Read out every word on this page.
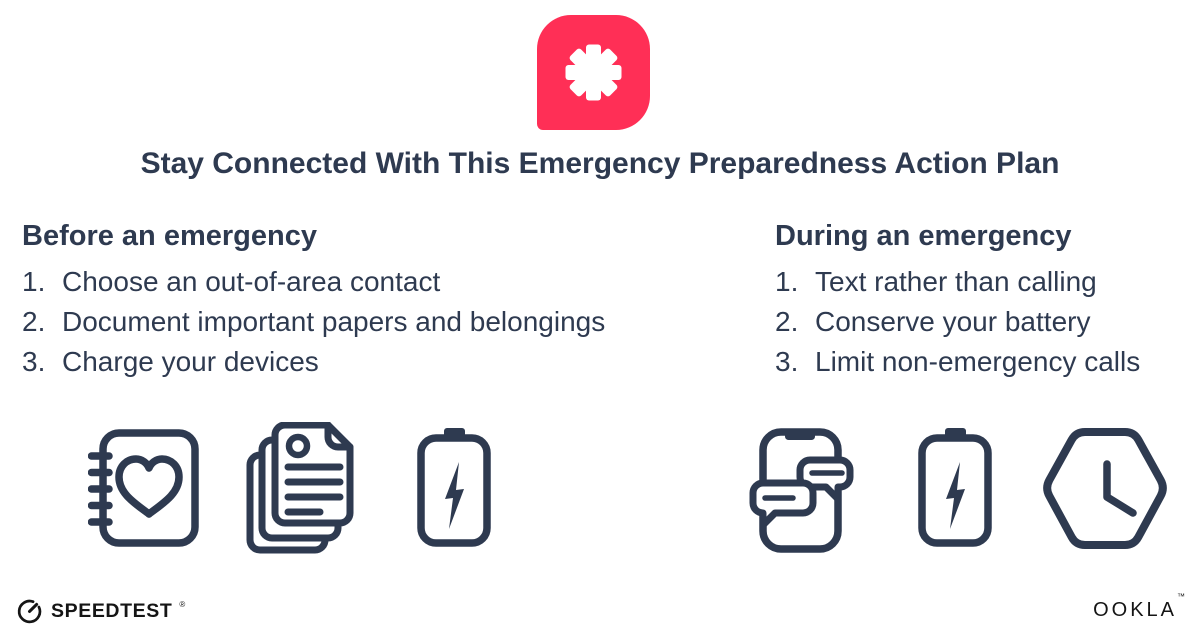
Stay Connected With This Emergency Preparedness Action Plan
Before an emergency
1. Choose an out-of-area contact
2. Document important papers and belongings
3. Charge your devices
During an emergency
1. Text rather than calling
2. Conserve your battery
3. Limit non-emergency calls
SPEEDTEST ®	OOKLA™
